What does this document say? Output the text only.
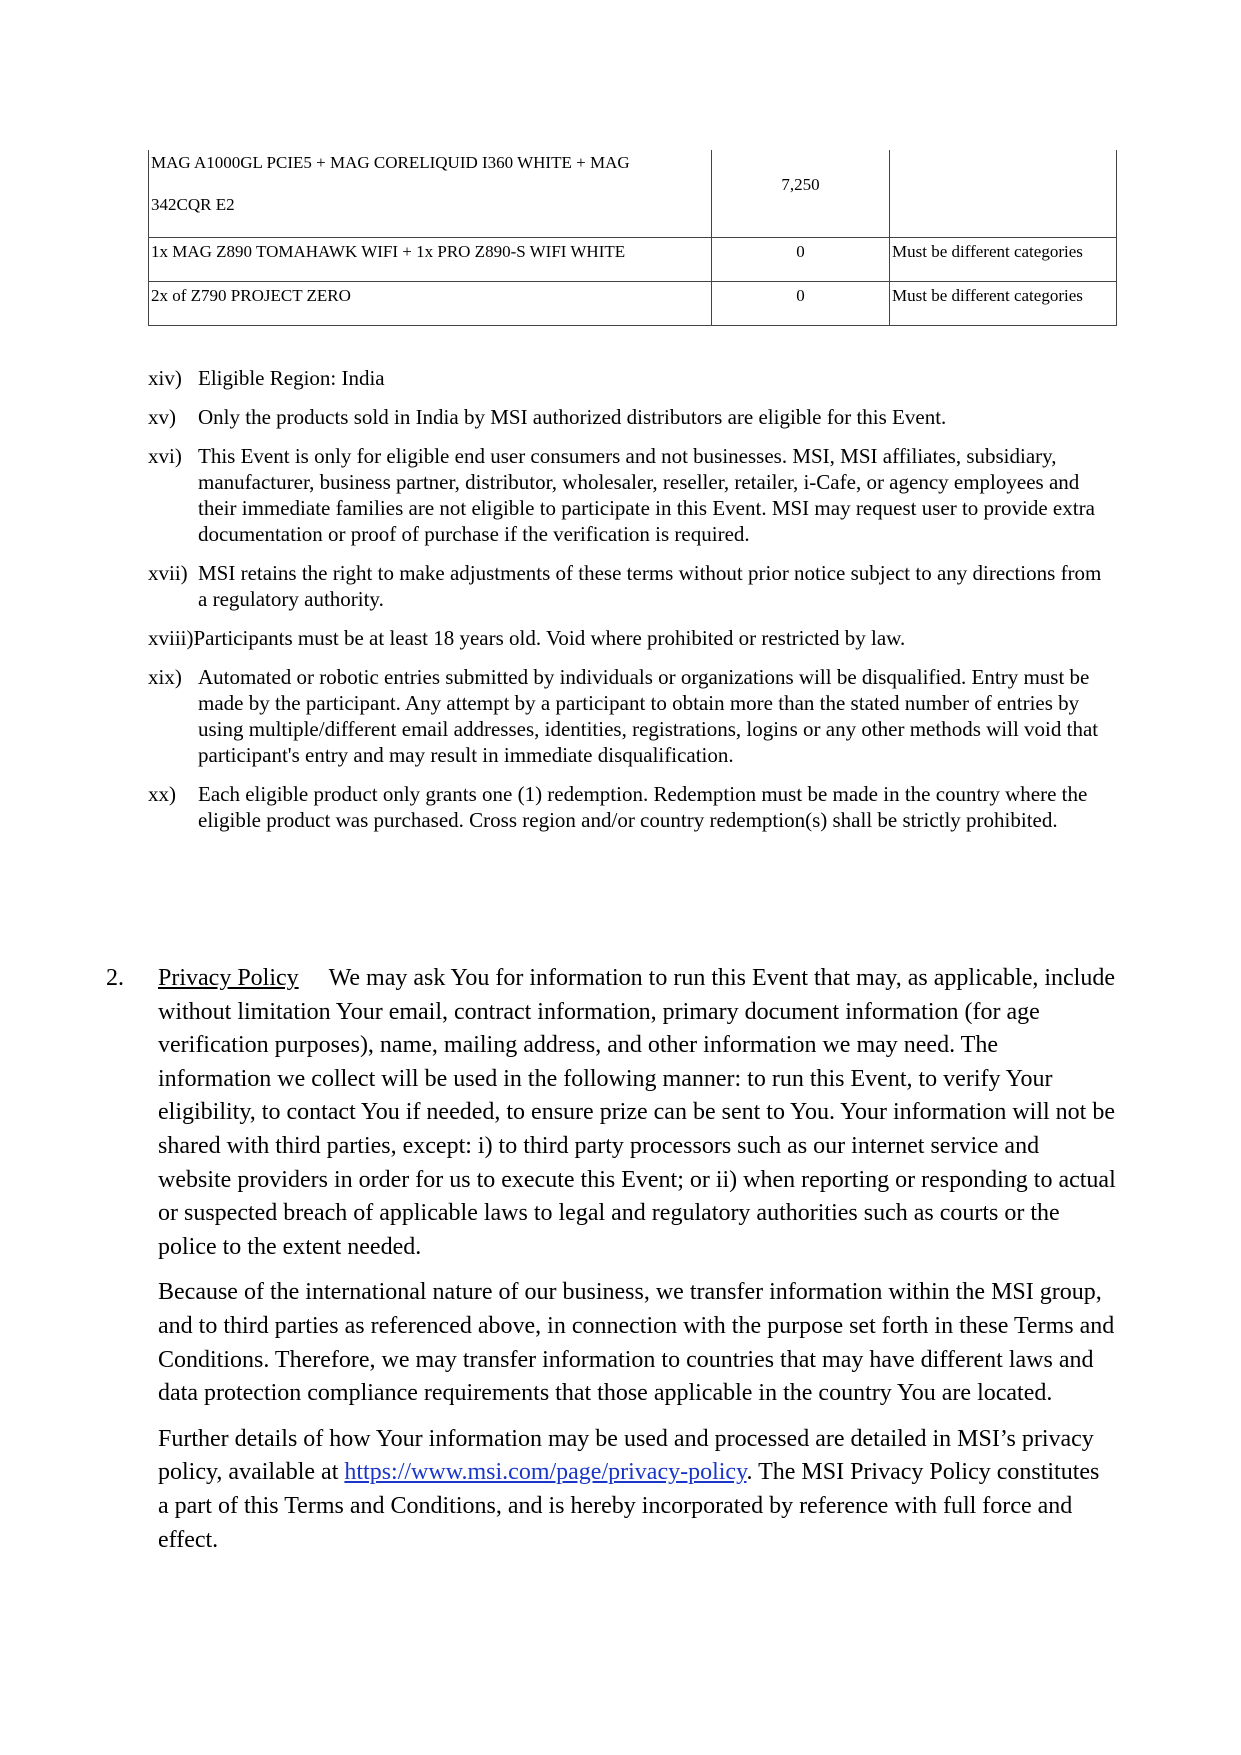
MAG A1000GL PCIE5 + MAG CORELIQUID I360 WHITE + MAG
342CQR E2	7,250	
1x MAG Z890 TOMAHAWK WIFI + 1x PRO Z890-S WIFI WHITE	0	Must be different categories
2x of Z790 PROJECT ZERO	0	Must be different categories
xiv) Eligible Region: India
xv) Only the products sold in India by MSI authorized distributors are eligible for this Event.
xvi) This Event is only for eligible end user consumers and not businesses. MSI, MSI affiliates, subsidiary, manufacturer, business partner, distributor, wholesaler, reseller, retailer, i-Cafe, or agency employees and their immediate families are not eligible to participate in this Event. MSI may request user to provide extra documentation or proof of purchase if the verification is required.
xvii) MSI retains the right to make adjustments of these terms without prior notice subject to any directions from a regulatory authority.
xviii)Participants must be at least 18 years old. Void where prohibited or restricted by law.
xix) Automated or robotic entries submitted by individuals or organizations will be disqualified. Entry must be made by the participant. Any attempt by a participant to obtain more than the stated number of entries by using multiple/different email addresses, identities, registrations, logins or any other methods will void that participant's entry and may result in immediate disqualification.
xx) Each eligible product only grants one (1) redemption. Redemption must be made in the country where the eligible product was purchased. Cross region and/or country redemption(s) shall be strictly prohibited.
2. Privacy Policy We may ask You for information to run this Event that may, as applicable, include without limitation Your email, contract information, primary document information (for age verification purposes), name, mailing address, and other information we may need. The information we collect will be used in the following manner: to run this Event, to verify Your eligibility, to contact You if needed, to ensure prize can be sent to You. Your information will not be shared with third parties, except: i) to third party processors such as our internet service and website providers in order for us to execute this Event; or ii) when reporting or responding to actual or suspected breach of applicable laws to legal and regulatory authorities such as courts or the police to the extent needed.
Because of the international nature of our business, we transfer information within the MSI group, and to third parties as referenced above, in connection with the purpose set forth in these Terms and Conditions. Therefore, we may transfer information to countries that may have different laws and data protection compliance requirements that those applicable in the country You are located.
Further details of how Your information may be used and processed are detailed in MSI’s privacy policy, available at https://www.msi.com/page/privacy-policy. The MSI Privacy Policy constitutes a part of this Terms and Conditions, and is hereby incorporated by reference with full force and effect.
